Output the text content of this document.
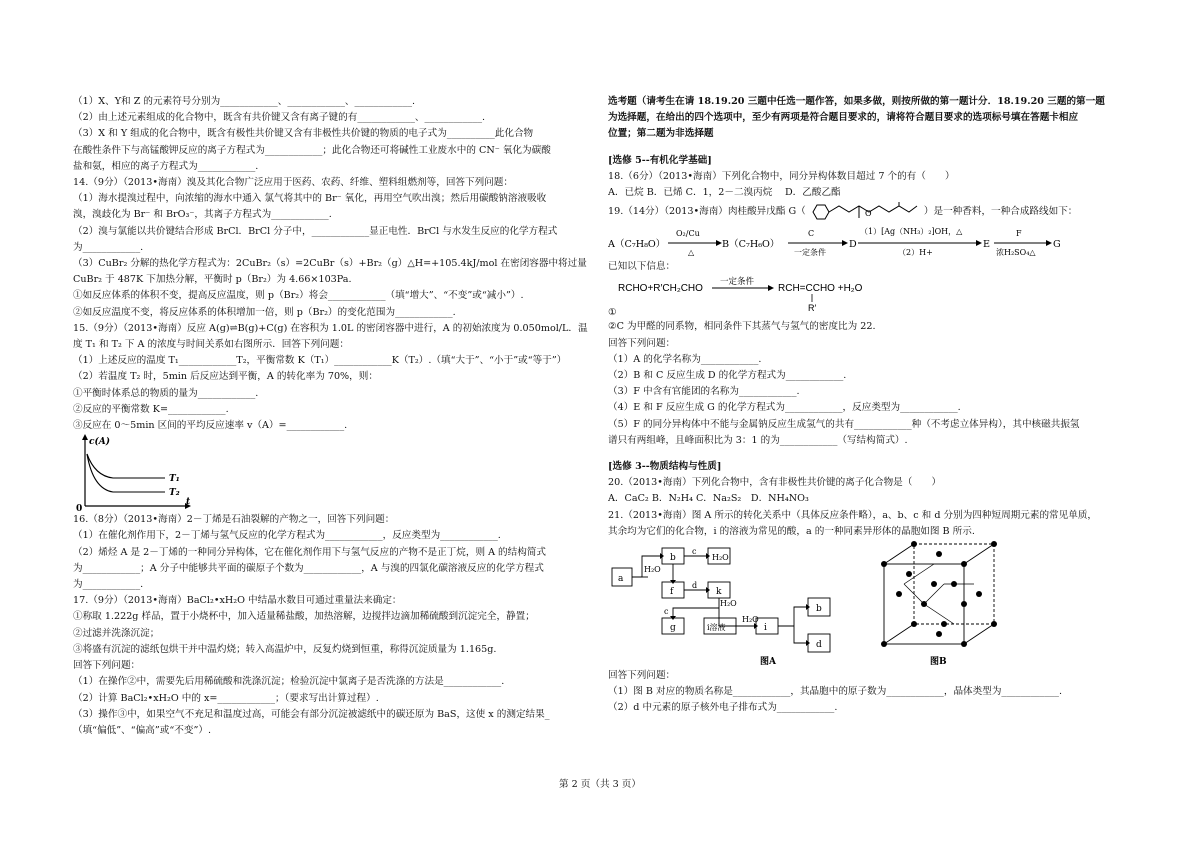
（1）X、Y和 Z 的元素符号分别为____________、____________、____________.
（2）由上述元素组成的化合物中，既含有共价键又含有离子键的有____________、____________.
（3）X 和 Y 组成的化合物中，既含有极性共价键又含有非极性共价键的物质的电子式为__________此化合物
在酸性条件下与高锰酸钾反应的离子方程式为____________；此化合物还可将碱性工业废水中的 CN⁻ 氧化为碳酸
盐和氨，相应的离子方程式为____________.
14.（9分）（2013•海南）溴及其化合物广泛应用于医药、农药、纤维、塑料组燃剂等，回答下列问题：
（1）海水提溴过程中，向浓缩的海水中通入 氯气将其中的 Br⁻ 氧化，再用空气吹出溴；然后用碳酸钠溶液吸收
溴，溴歧化为 Br⁻ 和 BrO₃⁻，其离子方程式为____________.
（2）溴与氯能以共价键结合形成 BrCl．BrCl 分子中，____________显正电性．BrCl 与水发生反应的化学方程式
为____________.
（3）CuBr₂ 分解的热化学方程式为：2CuBr₂（s）=2CuBr（s）+Br₂（g）△H=+105.4kJ/mol 在密闭容器中将过量
CuBr₂ 于 487K 下加热分解，平衡时 p（Br₂）为 4.66×103Pa.
①如反应体系的体积不变，提高反应温度，则 p（Br₂）将会____________（填“增大”、“不变”或“减小”）.
②如反应温度不变，将反应体系的体积增加一倍，则 p（Br₂）的变化范围为____________.
15.（9分）（2013•海南）反应 A(g)⇌B(g)+C(g) 在容积为 1.0L 的密闭容器中进行，A 的初始浓度为 0.050mol/L．温
度 T₁ 和 T₂ 下 A 的浓度与时间关系如右图所示．回答下列问题：
（1）上述反应的温度 T₁____________T₂，平衡常数 K（T₁）____________K（T₂）.（填“大于”、“小于”或“等于”）
（2）若温度 T₂ 时，5min 后反应达到平衡，A 的转化率为 70%，则：
①平衡时体系总的物质的量为____________.
②反应的平衡常数 K=____________.
③反应在 0～5min 区间的平均反应速率 v（A）=____________.
c(A)
t
0
T₁
T₂
16.（8分）（2013•海南）2－丁烯是石油裂解的产物之一，回答下列问题：
（1）在催化剂作用下，2－丁烯与氢气反应的化学方程式为____________，反应类型为____________.
（2）烯烃 A 是 2－丁烯的一种同分异构体，它在催化剂作用下与氢气反应的产物不是正丁烷，则 A 的结构简式
为____________；A 分子中能够共平面的碳原子个数为____________，A 与溴的四氯化碳溶液反应的化学方程式
为____________.
17.（9分）（2013•海南）BaCl₂•xH₂O 中结晶水数目可通过重量法来确定：
①称取 1.222g 样品，置于小烧杯中，加入适量稀盐酸，加热溶解，边搅拌边滴加稀硫酸到沉淀完全，静置；
②过滤并洗涤沉淀；
③将盛有沉淀的滤纸包烘干并中温灼烧；转入高温炉中，反复灼烧到恒重，称得沉淀质量为 1.165g.
回答下列问题：
（1）在操作②中，需要先后用稀硫酸和洗涤沉淀；检验沉淀中氯离子是否洗涤的方法是____________.
（2）计算 BaCl₂•xH₂O 中的 x=____________；（要求写出计算过程）.
（3）操作③中，如果空气不充足和温度过高，可能会有部分沉淀被滤纸中的碳还原为 BaS，这使 x 的测定结果_
（填“偏低”、“偏高”或“不变”）.
选考题（请考生在请 18.19.20 三题中任选一题作答，如果多做，则按所做的第一题计分．18.19.20 三题的第一题
为选择题，在给出的四个选项中，至少有两项是符合题目要求的，请将符合题目要求的选项标号填在答题卡相应
位置；第二题为非选择题
[选修 5--有机化学基础]
18.（6分）（2013•海南）下列化合物中，同分异构体数目超过 7 个的有（　　）
A．已烷 B．已烯 C．1，2－二溴丙烷　 D．乙酸乙酯
19.（14分）（2013•海南）肉桂酸异戊酯 G（	O	）是一种香料，一种合成路线如下：
A（C₇H₈O）
O₂/Cu
△
B（C₇H₆O）
C
一定条件
D
（1）[Ag（NH₃）₂]OH，△
（2）H+
E
F
浓H₂SO₄△
G
已知以下信息：
RCHO+R′CH₂CHO
一定条件
RCH=CCHO +H₂O
R′
①
②C 为甲醛的同系物，相同条件下其蒸气与氢气的密度比为 22.
回答下列问题：
（1）A 的化学名称为____________.
（2）B 和 C 反应生成 D 的化学方程式为____________.
（3）F 中含有官能团的名称为____________.
（4）E 和 F 反应生成 G 的化学方程式为____________，反应类型为____________.
（5）F 的同分异构体中不能与金属钠反应生成氢气的共有____________种（不考虑立体异构），其中核磁共振氢
谱只有两组峰，且峰面积比为 3：1 的为____________（写结构简式）.
[选修 3--物质结构与性质]
20.（2013•海南）下列化合物中，含有非极性共价键的离子化合物是（　　）
A．CaC₂ B．N₂H₄ C．Na₂S₂　D．NH₄NO₃
21.（2013•海南）图 A 所示的转化关系中（具体反应条件略），a、b、c 和 d 分别为四种短周期元素的常见单质，
其余均为它们的化合物，i 的溶液为常见的酸，a 的一种同素异形体的晶胞如图 B 所示.
a
b	H₂O
H₂O
c
f
d
k
H₂O
c
g	i溶液
H₂O
i
b
d
图A	图B
回答下列问题：
（1）图 B 对应的物质名称是____________，其晶胞中的原子数为____________，晶体类型为____________.
（2）d 中元素的原子核外电子排布式为____________.
第 2 页（共 3 页）
